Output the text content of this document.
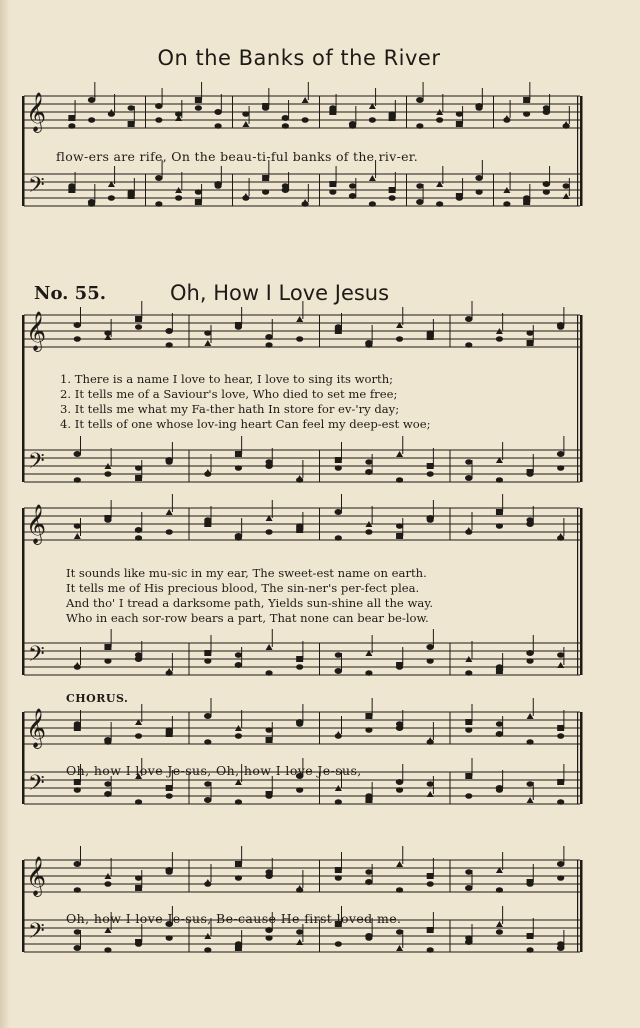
𝄞
𝄢
𝄞
𝄢
𝄞
𝄢
𝄞
𝄢
𝄞
𝄢
On the Banks of the River
flow-ers are rife, On the beau-ti-ful banks of the riv-er.
No. 55.	Oh, How I Love Jesus
1. There is a name I love to hear, I love to sing its worth;
2. It tells me of a Saviour's love, Who died to set me free;
3. It tells me what my Fa-ther hath In store for ev-'ry day;
4. It tells of one whose lov-ing heart Can feel my deep-est woe;
It sounds like mu-sic in my ear, The sweet-est name on earth.
It tells me of His precious blood, The sin-ner's per-fect plea.
And tho' I tread a darksome path, Yields sun-shine all the way.
Who in each sor-row bears a part, That none can bear be-low.
CHORUS.
Oh, how I love Je-sus, Oh, how I love Je-sus,
Oh, how I love Je-sus, Be-cause He first loved me.
